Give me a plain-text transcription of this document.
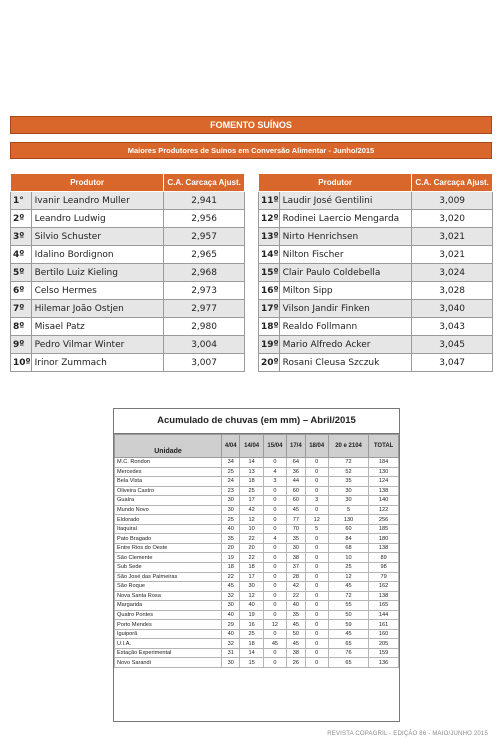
FOMENTO SUÍNOS
Maiores Produtores de Suínos em Conversão Alimentar - Junho/2015
Produtor		C.A. Carcaça Ajust.
1°	Ivanir Leandro Muller	2,941
2º	Leandro Ludwig	2,956
3º	Silvio Schuster	2,957
4º	Idalino Bordignon	2,965
5º	Bertilo Luiz Kieling	2,968
6º	Celso Hermes	2,973
7º	Hilemar João Ostjen	2,977
8º	Misael Patz	2,980
9º	Pedro Vilmar Winter	3,004
10º	Irinor Zummach	3,007
Produtor		C.A. Carcaça Ajust.
11º	Laudir José Gentilini	3,009
12º	Rodinei Laercio Mengarda	3,020
13º	Nirto Henrichsen	3,021
14º	Nilton Fischer	3,021
15º	Clair Paulo Coldebella	3,024
16º	Milton Sipp	3,028
17º	Vilson Jandir Finken	3,040
18º	Realdo Follmann	3,043
19º	Mario Alfredo Acker	3,045
20º	Rosani Cleusa Szczuk	3,047
Acumulado de chuvas (em mm) – Abril/2015
Unidade	4/04	14/04	15/04	17/4	18/04	20 e 2104	TOTAL
M.C. Rondon	34	14	0	64	0	72	184
Mercedes	25	13	4	36	0	52	130
Bela Vista	24	18	3	44	0	35	124
Oliveira Castro	23	25	0	60	0	30	138
Guaíra	30	17	0	60	3	30	140
Mundo Novo	30	42	0	45	0	5	122
Eldorado	25	12	0	77	12	130	256
Itaquiraí	40	10	0	70	5	60	185
Pato Bragado	35	22	4	35	0	84	180
Entre Rios do Oeste	20	20	0	30	0	68	138
São Clemente	19	22	0	38	0	10	89
Sub Sede	18	18	0	37	0	25	98
São José das Palmeiras	22	17	0	28	0	12	79
São Roque	45	30	0	42	0	45	162
Nova Santa Rosa	32	12	0	22	0	72	138
Margarida	30	40	0	40	0	55	165
Quatro Pontes	40	19	0	35	0	50	144
Porto Mendes	29	16	12	45	0	59	161
Iguiporã	40	25	0	50	0	45	160
U.I.A.	32	18	45	45	0	65	205
Estação Experimental	31	14	0	38	0	76	159
Novo Sarandi	30	15	0	26	0	65	136
REVISTA COPAGRIL - EDIÇÃO 86 - MAIO/JUNHO 2015
